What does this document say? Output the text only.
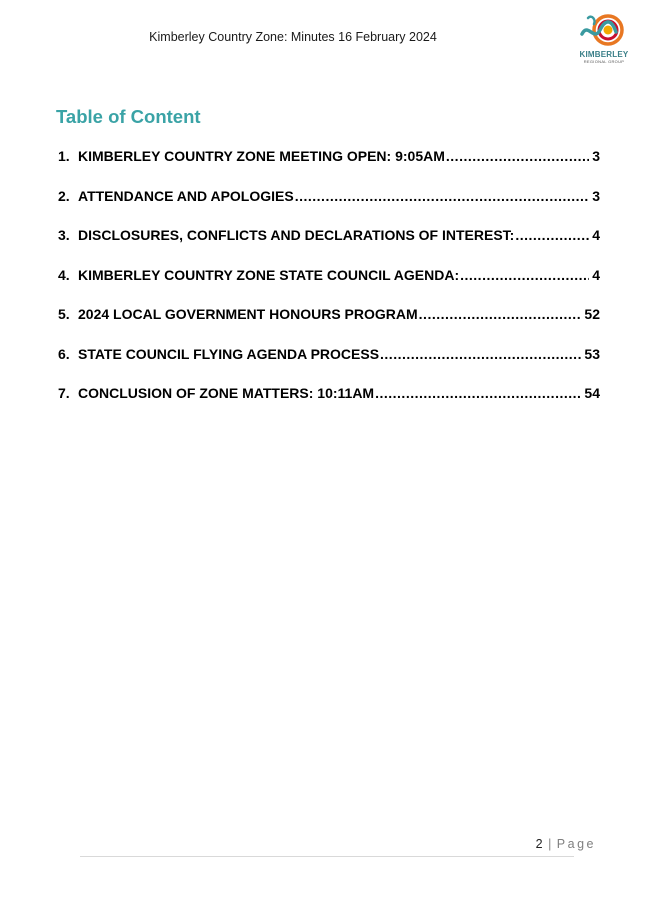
Kimberley Country Zone: Minutes 16 February 2024
KIMBERLEY
REGIONAL GROUP
Table of Content
1. KIMBERLEY COUNTRY ZONE MEETING OPEN: 9:05AM .....	3
2. ATTENDANCE AND APOLOGIES .....	3
3. DISCLOSURES, CONFLICTS AND DECLARATIONS OF INTEREST: .....	4
4. KIMBERLEY COUNTRY ZONE STATE COUNCIL AGENDA: .....	4
5. 2024 LOCAL GOVERNMENT HONOURS PROGRAM .....	52
6. STATE COUNCIL FLYING AGENDA PROCESS .....	53
7. CONCLUSION OF ZONE MATTERS: 10:11AM .....	54
2 | Page
